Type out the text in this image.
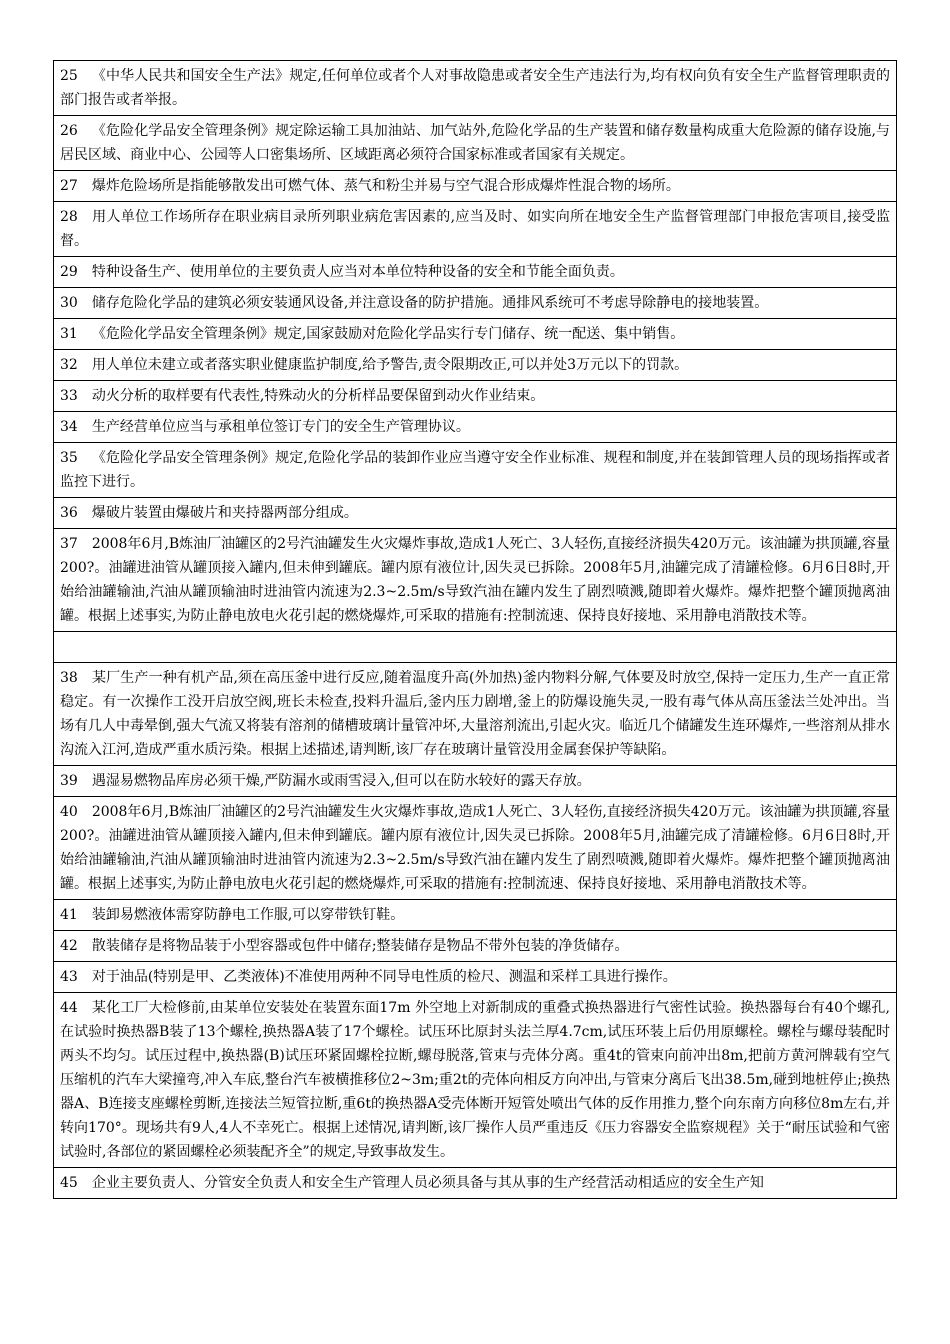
25 《中华人民共和国安全生产法》规定,任何单位或者个人对事故隐患或者安全生产违法行为,均有权向负有安全生产监督管理职责的部门报告或者举报。
26 《危险化学品安全管理条例》规定除运输工具加油站、加气站外,危险化学品的生产装置和储存数量构成重大危险源的储存设施,与居民区域、商业中心、公园等人口密集场所、区域距离必须符合国家标准或者国家有关规定。
27 爆炸危险场所是指能够散发出可燃气体、蒸气和粉尘并易与空气混合形成爆炸性混合物的场所。
28 用人单位工作场所存在职业病目录所列职业病危害因素的,应当及时、如实向所在地安全生产监督管理部门申报危害项目,接受监督。
29 特种设备生产、使用单位的主要负责人应当对本单位特种设备的安全和节能全面负责。
30 储存危险化学品的建筑必须安装通风设备,并注意设备的防护措施。通排风系统可不考虑导除静电的接地装置。
31 《危险化学品安全管理条例》规定,国家鼓励对危险化学品实行专门储存、统一配送、集中销售。
32 用人单位未建立或者落实职业健康监护制度,给予警告,责令限期改正,可以并处3万元以下的罚款。
33 动火分析的取样要有代表性,特殊动火的分析样品要保留到动火作业结束。
34 生产经营单位应当与承租单位签订专门的安全生产管理协议。
35 《危险化学品安全管理条例》规定,危险化学品的装卸作业应当遵守安全作业标准、规程和制度,并在装卸管理人员的现场指挥或者监控下进行。
36 爆破片装置由爆破片和夹持器两部分组成。
37 2008年6月,B炼油厂油罐区的2号汽油罐发生火灾爆炸事故,造成1人死亡、3人轻伤,直接经济损失420万元。该油罐为拱顶罐,容量200?。油罐进油管从罐顶接入罐内,但未伸到罐底。罐内原有液位计,因失灵已拆除。2008年5月,油罐完成了清罐检修。6月6日8时,开始给油罐输油,汽油从罐顶输油时进油管内流速为2.3~2.5m/s导致汽油在罐内发生了剧烈喷溅,随即着火爆炸。爆炸把整个罐顶抛离油罐。根据上述事实,为防止静电放电火花引起的燃烧爆炸,可采取的措施有:控制流速、保持良好接地、采用静电消散技术等。

38 某厂生产一种有机产品,须在高压釜中进行反应,随着温度升高(外加热)釜内物料分解,气体要及时放空,保持一定压力,生产一直正常稳定。有一次操作工没开启放空阀,班长未检查,投料升温后,釜内压力剧增,釜上的防爆设施失灵,一股有毒气体从高压釜法兰处冲出。当场有几人中毒晕倒,强大气流又将装有溶剂的储槽玻璃计量管冲坏,大量溶剂流出,引起火灾。临近几个储罐发生连环爆炸,一些溶剂从排水沟流入江河,造成严重水质污染。根据上述描述,请判断,该厂存在玻璃计量管没用金属套保护等缺陷。
39 遇湿易燃物品库房必须干燥,严防漏水或雨雪浸入,但可以在防水较好的露天存放。
40 2008年6月,B炼油厂油罐区的2号汽油罐发生火灾爆炸事故,造成1人死亡、3人轻伤,直接经济损失420万元。该油罐为拱顶罐,容量200?。油罐进油管从罐顶接入罐内,但未伸到罐底。罐内原有液位计,因失灵已拆除。2008年5月,油罐完成了清罐检修。6月6日8时,开始给油罐输油,汽油从罐顶输油时进油管内流速为2.3~2.5m/s导致汽油在罐内发生了剧烈喷溅,随即着火爆炸。爆炸把整个罐顶抛离油罐。根据上述事实,为防止静电放电火花引起的燃烧爆炸,可采取的措施有:控制流速、保持良好接地、采用静电消散技术等。
41 装卸易燃液体需穿防静电工作服,可以穿带铁钉鞋。
42 散装储存是将物品装于小型容器或包件中储存;整装储存是物品不带外包装的净货储存。
43 对于油品(特别是甲、乙类液体)不准使用两种不同导电性质的检尺、测温和采样工具进行操作。
44 某化工厂大检修前,由某单位安装处在装置东面17m 外空地上对新制成的重叠式换热器进行气密性试验。换热器每台有40个螺孔,在试验时换热器B装了13个螺栓,换热器A装了17个螺栓。试压环比原封头法兰厚4.7cm,试压环装上后仍用原螺栓。螺栓与螺母装配时两头不均匀。试压过程中,换热器(B)试压环紧固螺栓拉断,螺母脱落,管束与壳体分离。重4t的管束向前冲出8m,把前方黄河牌载有空气压缩机的汽车大梁撞弯,冲入车底,整台汽车被横推移位2~3m;重2t的壳体向相反方向冲出,与管束分离后飞出38.5m,碰到地桩停止;换热器A、B连接支座螺栓剪断,连接法兰短管拉断,重6t的换热器A受壳体断开短管处喷出气体的反作用推力,整个向东南方向移位8m左右,并转向170°。现场共有9人,4人不幸死亡。根据上述情况,请判断,该厂操作人员严重违反《压力容器安全监察规程》关于“耐压试验和气密试验时,各部位的紧固螺栓必须装配齐全”的规定,导致事故发生。
45 企业主要负责人、分管安全负责人和安全生产管理人员必须具备与其从事的生产经营活动相适应的安全生产知
